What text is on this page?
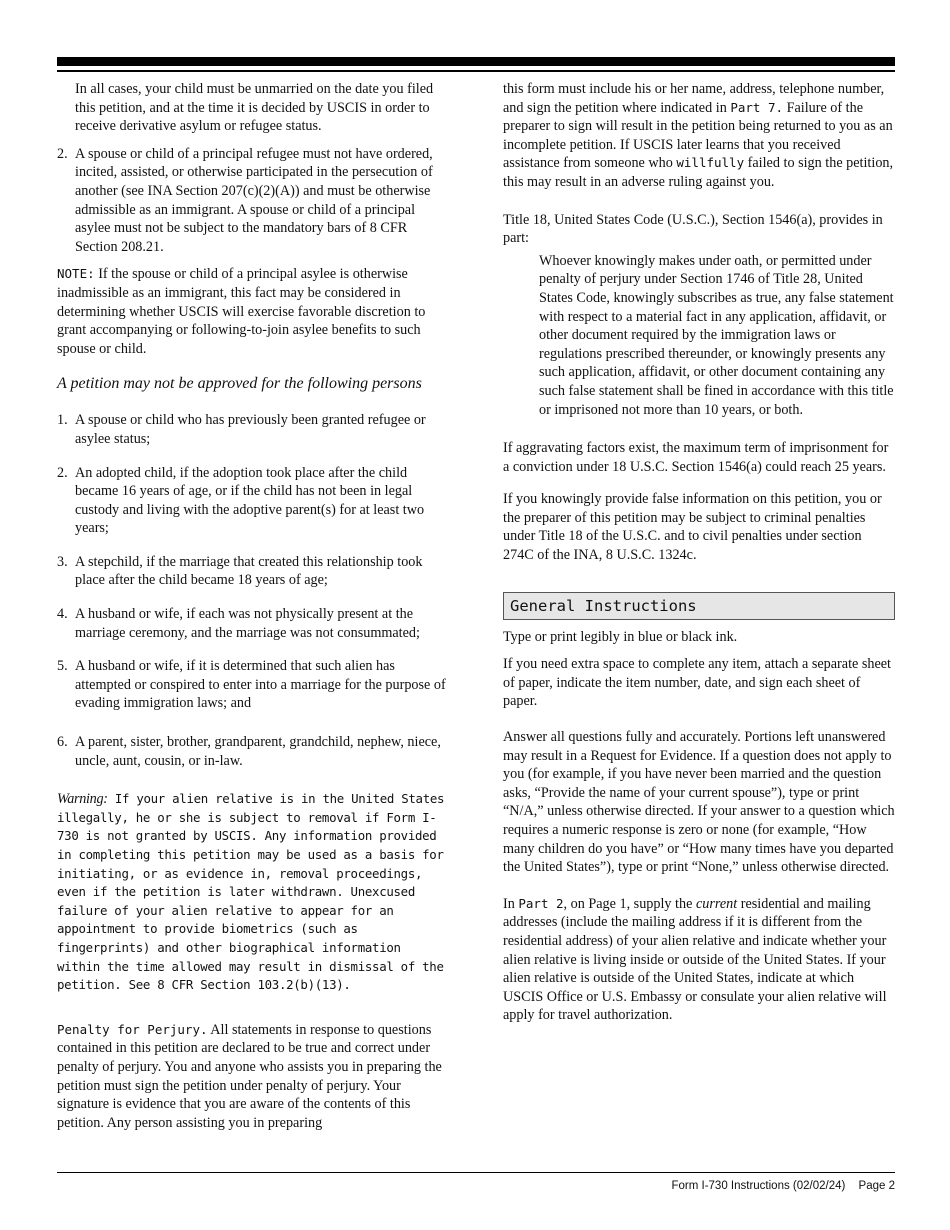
In all cases, your child must be unmarried on the date you filed this petition, and at the time it is decided by USCIS in order to receive derivative asylum or refugee status.

2. A spouse or child of a principal refugee must not have ordered, incited, assisted, or otherwise participated in the persecution of another (see INA Section 207(c)(2)(A)) and must be otherwise admissible as an immigrant. A spouse or child of a principal asylee must not be subject to the mandatory bars of 8 CFR Section 208.21.

NOTE: If the spouse or child of a principal asylee is otherwise inadmissible as an immigrant, this fact may be considered in determining whether USCIS will exercise favorable discretion to grant accompanying or following-to-join asylee benefits to such spouse or child.

A petition may not be approved for the following persons

1. A spouse or child who has previously been granted refugee or asylee status;

2. An adopted child, if the adoption took place after the child became 16 years of age, or if the child has not been in legal custody and living with the adoptive parent(s) for at least two years;

3. A stepchild, if the marriage that created this relationship took place after the child became 18 years of age;

4. A husband or wife, if each was not physically present at the marriage ceremony, and the marriage was not consummated;

5. A husband or wife, if it is determined that such alien has attempted or conspired to enter into a marriage for the purpose of evading immigration laws; and

6. A parent, sister, brother, grandparent, grandchild, nephew, niece, uncle, aunt, cousin, or in-law.

Warning: If your alien relative is in the United States illegally, he or she is subject to removal if Form I-730 is not granted by USCIS. Any information provided in completing this petition may be used as a basis for initiating, or as evidence in, removal proceedings, even if the petition is later withdrawn. Unexcused failure of your alien relative to appear for an appointment to provide biometrics (such as fingerprints) and other biographical information within the time allowed may result in dismissal of the petition. See 8 CFR Section 103.2(b)(13).

Penalty for Perjury. All statements in response to questions contained in this petition are declared to be true and correct under penalty of perjury. You and anyone who assists you in preparing the petition must sign the petition under penalty of perjury. Your signature is evidence that you are aware of the contents of this petition. Any person assisting you in preparing

this form must include his or her name, address, telephone number, and sign the petition where indicated in Part 7. Failure of the preparer to sign will result in the petition being returned to you as an incomplete petition. If USCIS later learns that you received assistance from someone who willfully failed to sign the petition, this may result in an adverse ruling against you.

Title 18, United States Code (U.S.C.), Section 1546(a), provides in part:

Whoever knowingly makes under oath, or permitted under penalty of perjury under Section 1746 of Title 28, United States Code, knowingly subscribes as true, any false statement with respect to a material fact in any application, affidavit, or other document required by the immigration laws or regulations prescribed thereunder, or knowingly presents any such application, affidavit, or other document containing any such false statement shall be fined in accordance with this title or imprisoned not more than 10 years, or both.

If aggravating factors exist, the maximum term of imprisonment for a conviction under 18 U.S.C. Section 1546(a) could reach 25 years.

If you knowingly provide false information on this petition, you or the preparer of this petition may be subject to criminal penalties under Title 18 of the U.S.C. and to civil penalties under section 274C of the INA, 8 U.S.C. 1324c.

General Instructions

Type or print legibly in blue or black ink.

If you need extra space to complete any item, attach a separate sheet of paper, indicate the item number, date, and sign each sheet of paper.

Answer all questions fully and accurately. Portions left unanswered may result in a Request for Evidence. If a question does not apply to you (for example, if you have never been married and the question asks, “Provide the name of your current spouse”), type or print “N/A,” unless otherwise directed. If your answer to a question which requires a numeric response is zero or none (for example, “How many children do you have” or “How many times have you departed the United States”), type or print “None,” unless otherwise directed.

In Part 2, on Page 1, supply the current residential and mailing addresses (include the mailing address if it is different from the residential address) of your alien relative and indicate whether your alien relative is living inside or outside of the United States. If your alien relative is outside of the United States, indicate at which USCIS Office or U.S. Embassy or consulate your alien relative will apply for travel authorization.

Form I-730 Instructions (02/02/24) Page 2
